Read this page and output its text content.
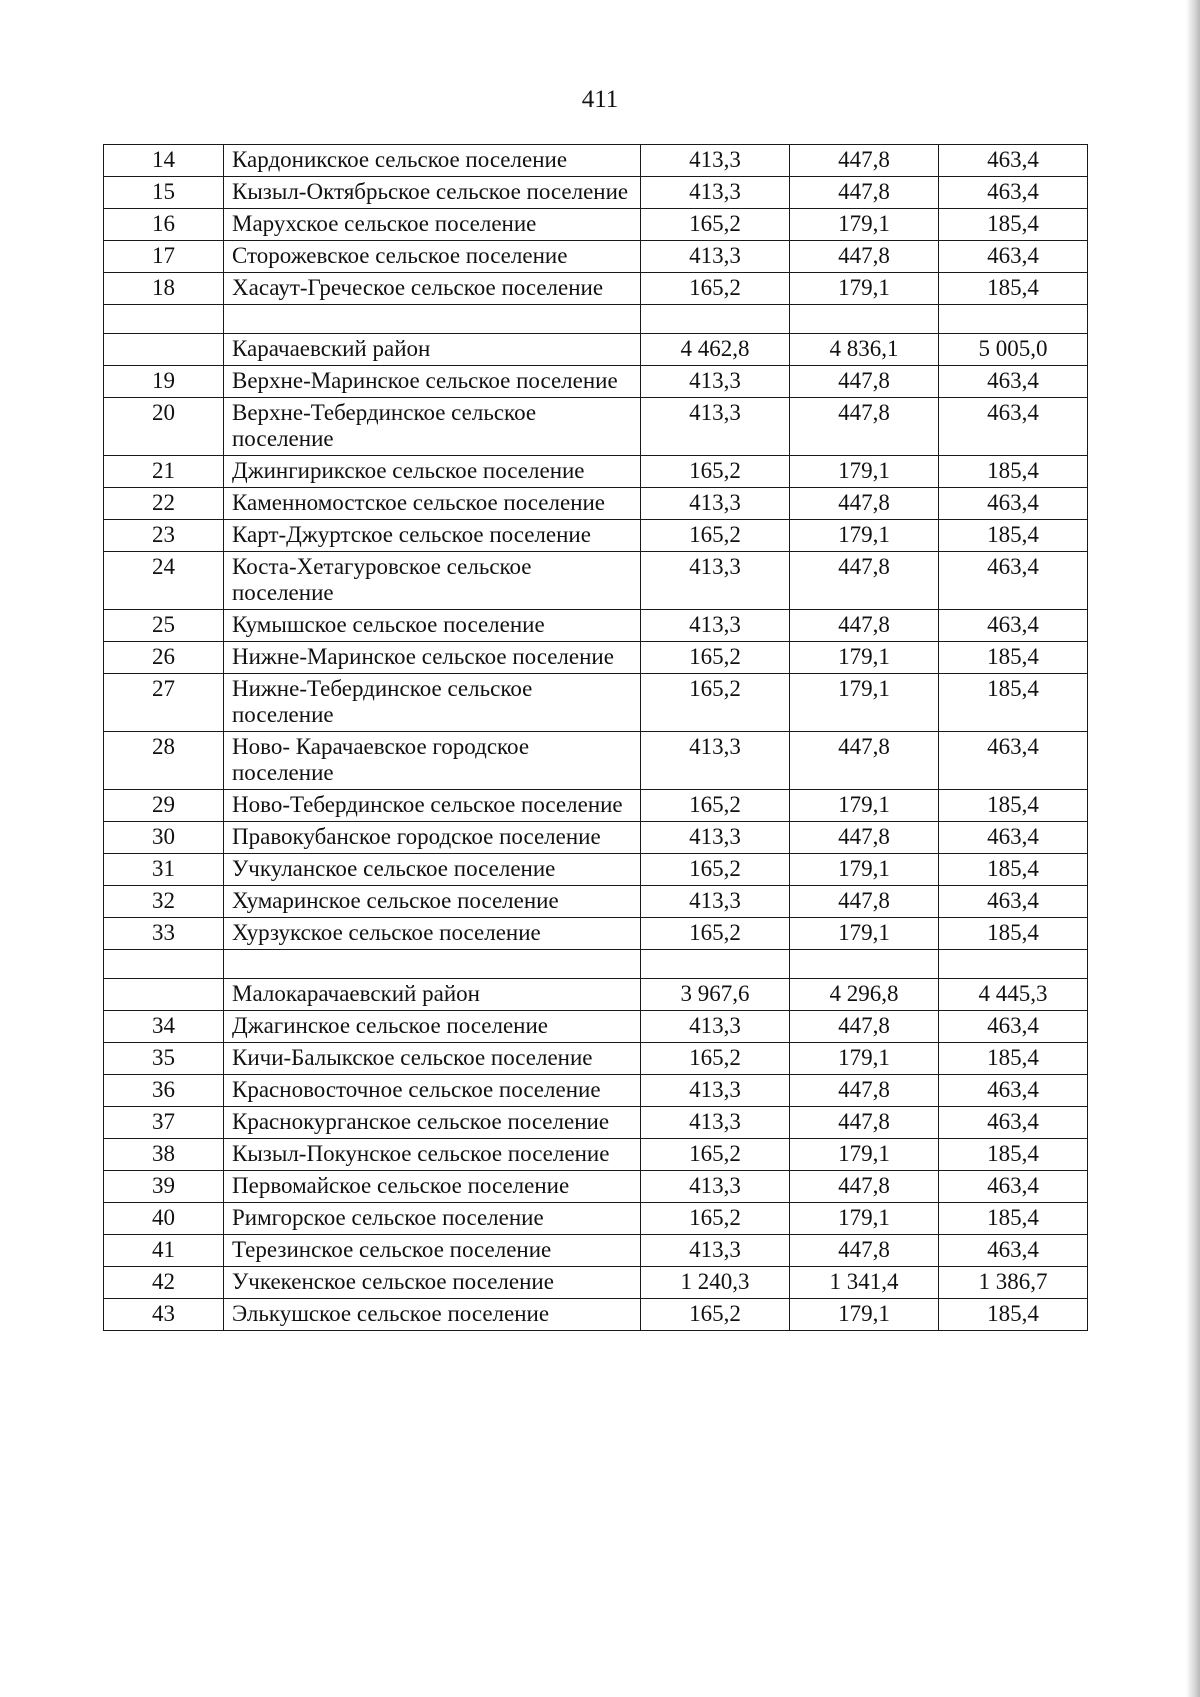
411
14	Кардоникское сельское поселение	413,3	447,8	463,4
15	Кызыл-Октябрьское сельское поселение	413,3	447,8	463,4
16	Марухское сельское поселение	165,2	179,1	185,4
17	Сторожевское сельское поселение	413,3	447,8	463,4
18	Хасаут-Греческое сельское поселение	165,2	179,1	185,4

	Карачаевский район	4 462,8	4 836,1	5 005,0
19	Верхне-Маринское сельское поселение	413,3	447,8	463,4
20	Верхне-Тебердинское сельское поселение	413,3	447,8	463,4
21	Джингирикское сельское поселение	165,2	179,1	185,4
22	Каменномостское сельское поселение	413,3	447,8	463,4
23	Карт-Джуртское сельское поселение	165,2	179,1	185,4
24	Коста-Хетагуровское сельское поселение	413,3	447,8	463,4
25	Кумышское сельское поселение	413,3	447,8	463,4
26	Нижне-Маринское сельское поселение	165,2	179,1	185,4
27	Нижне-Тебердинское сельское поселение	165,2	179,1	185,4
28	Ново- Карачаевское городское поселение	413,3	447,8	463,4
29	Ново-Тебердинское сельское поселение	165,2	179,1	185,4
30	Правокубанское городское поселение	413,3	447,8	463,4
31	Учкуланское сельское поселение	165,2	179,1	185,4
32	Хумаринское сельское поселение	413,3	447,8	463,4
33	Хурзукское сельское поселение	165,2	179,1	185,4

	Малокарачаевский район	3 967,6	4 296,8	4 445,3
34	Джагинское сельское поселение	413,3	447,8	463,4
35	Кичи-Балыкское сельское поселение	165,2	179,1	185,4
36	Красновосточное сельское поселение	413,3	447,8	463,4
37	Краснокурганское сельское поселение	413,3	447,8	463,4
38	Кызыл-Покунское сельское поселение	165,2	179,1	185,4
39	Первомайское сельское поселение	413,3	447,8	463,4
40	Римгорское сельское поселение	165,2	179,1	185,4
41	Терезинское сельское поселение	413,3	447,8	463,4
42	Учкекенское сельское поселение	1 240,3	1 341,4	1 386,7
43	Элькушское сельское поселение	165,2	179,1	185,4
